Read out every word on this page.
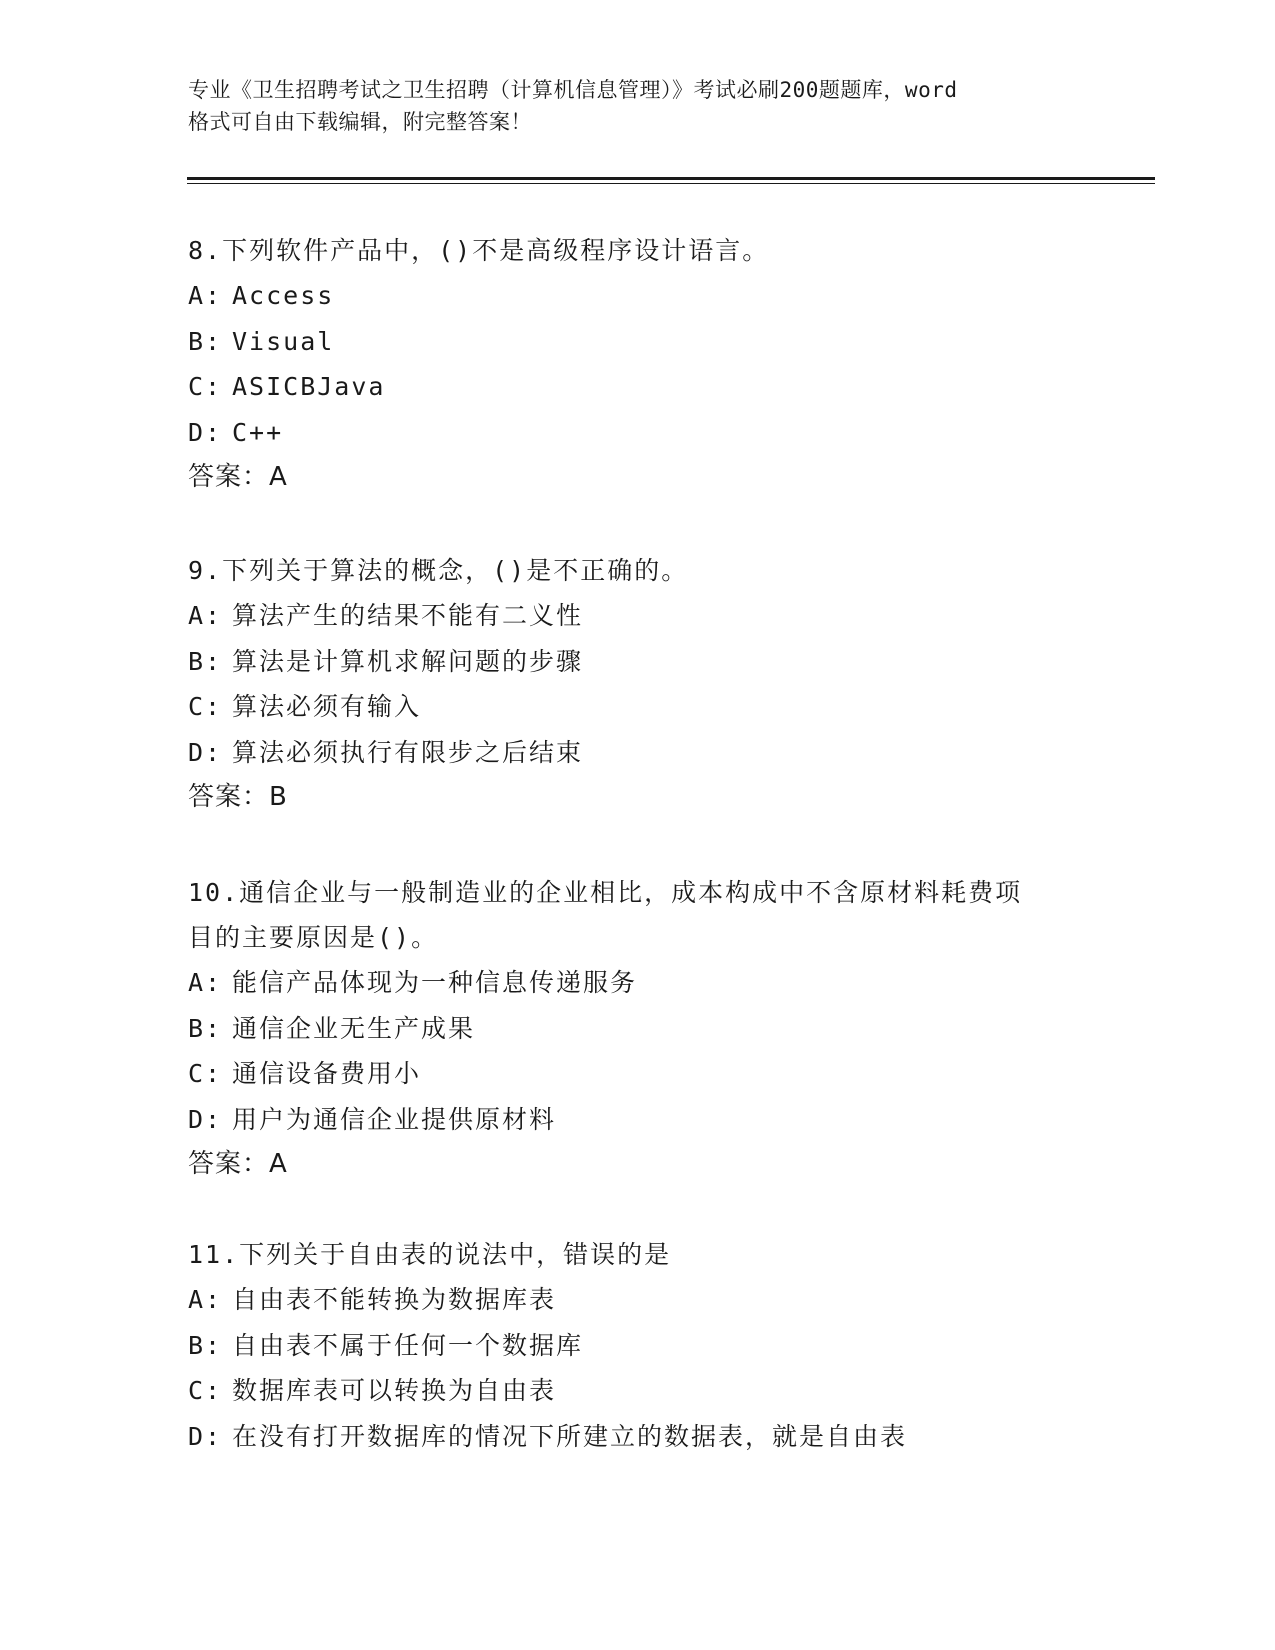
专业《卫生招聘考试之卫生招聘（计算机信息管理）》考试必刷200题题库，word
格式可自由下载编辑，附完整答案！
8.下列软件产品中，()不是高级程序设计语言。
A: Access
B: Visual
C: ASICBJava
D: C++
答案：A
9.下列关于算法的概念，()是不正确的。
A: 算法产生的结果不能有二义性
B: 算法是计算机求解问题的步骤
C: 算法必须有输入
D: 算法必须执行有限步之后结束
答案：B
10.通信企业与一般制造业的企业相比，成本构成中不含原材料耗费项
目的主要原因是()。
A: 能信产品体现为一种信息传递服务
B: 通信企业无生产成果
C: 通信设备费用小
D: 用户为通信企业提供原材料
答案：A
11.下列关于自由表的说法中，错误的是
A: 自由表不能转换为数据库表
B: 自由表不属于任何一个数据库
C: 数据库表可以转换为自由表
D: 在没有打开数据库的情况下所建立的数据表，就是自由表
